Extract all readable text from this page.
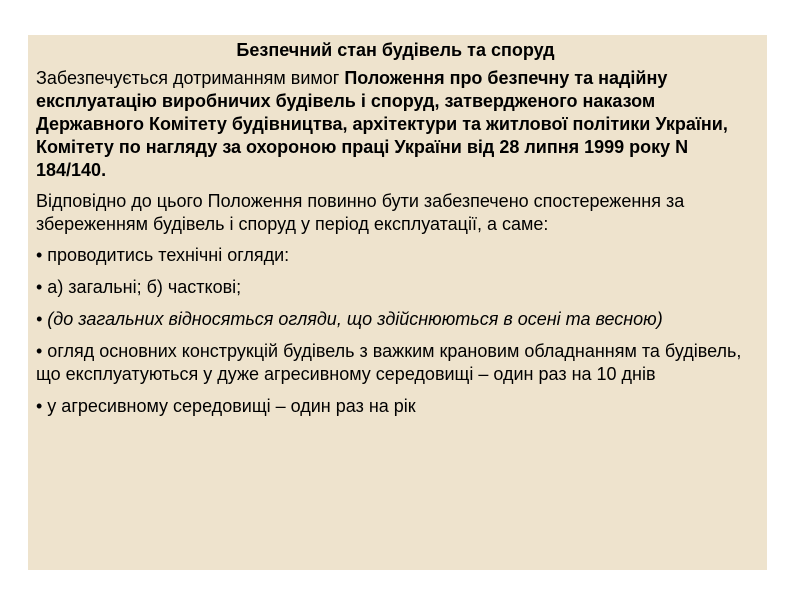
Безпечний стан будівель та споруд
Забезпечується дотриманням вимог Положення про безпечну та надійну експлуатацію виробничих будівель і споруд, затвердженого наказом Державного Комітету будівництва, архітектури та житлової політики України, Комітету по нагляду за охороною праці України від 28 липня 1999 року N 184/140.
Відповідно до цього Положення повинно бути забезпечено спостереження за збереженням будівель і споруд у період експлуатації, а саме:
• проводитись технічні огляди:
• а) загальні; б) часткові;
• (до загальних відносяться огляди, що здійснюються в осені та весною)
• огляд основних конструкцій будівель з важким крановим обладнанням та будівель, що експлуатуються у дуже агресивному середовищі – один раз на 10 днів
• у агресивному середовищі – один раз на рік
